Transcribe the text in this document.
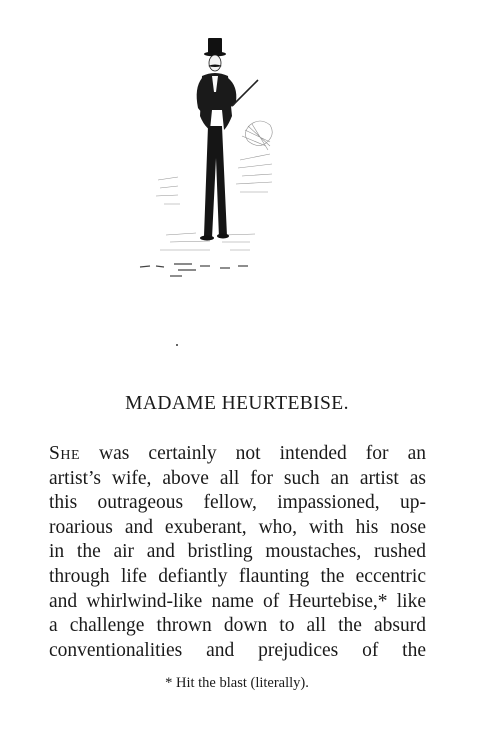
MADAME HEURTEBISE.
She was certainly not intended for an
artist’s wife, above all for such an artist as
this outrageous fellow, impassioned, up-
roarious and exuberant, who, with his nose
in the air and bristling moustaches, rushed
through life defiantly flaunting the eccentric
and whirlwind-like name of Heurtebise,* like
a challenge thrown down to all the absurd
conventionalities and prejudices of the

* Hit the blast (literally).
